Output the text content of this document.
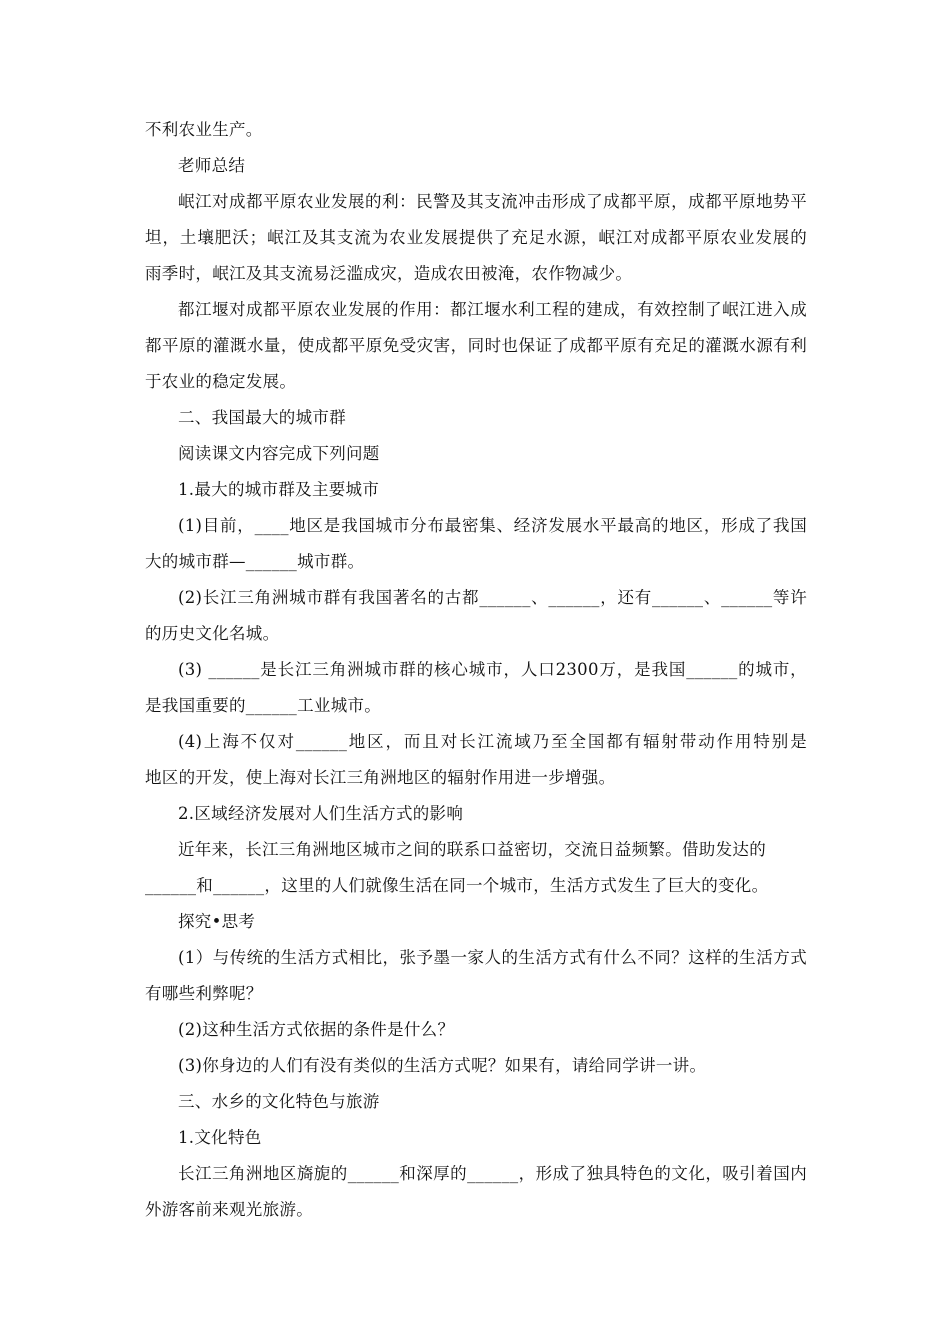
不利农业生产。
老师总结
岷江对成都平原农业发展的利：民警及其支流冲击形成了成都平原，成都平原地势平
坦，土壤肥沃；岷江及其支流为农业发展提供了充足水源，岷江对成都平原农业发展的
雨季时，岷江及其支流易泛滥成灾，造成农田被淹，农作物减少。
都江堰对成都平原农业发展的作用：都江堰水利工程的建成，有效控制了岷江进入成
都平原的灌溉水量，使成都平原免受灾害，同时也保证了成都平原有充足的灌溉水源有利
于农业的稳定发展。
二、我国最大的城市群
阅读课文内容完成下列问题
1.最大的城市群及主要城市
(1)目前，____地区是我国城市分布最密集、经济发展水平最高的地区，形成了我国
大的城市群—______城市群。
(2)长江三角洲城市群有我国著名的古都______、______，还有______、______等许
的历史文化名城。
(3) ______是长江三角洲城市群的核心城市，人口2300万，是我国______的城市，
是我国重要的______工业城市。
(4)上海不仅对______地区，而且对长江流域乃至全国都有辐射带动作用特别是
地区的开发，使上海对长江三角洲地区的辐射作用进一步增强。
2.区域经济发展对人们生活方式的影响
近年来，长江三角洲地区城市之间的联系口益密切，交流日益频繁。借助发达的
______和______，这里的人们就像生活在同一个城市，生活方式发生了巨大的变化。
探究•思考
(1）与传统的生活方式相比，张予墨一家人的生活方式有什么不同？这样的生活方式
有哪些利弊呢？
(2)这种生活方式依据的条件是什么？
(3)你身边的人们有没有类似的生活方式呢？如果有，请给同学讲一讲。
三、水乡的文化特色与旅游
1.文化特色
长江三角洲地区旖旎的______和深厚的______，形成了独具特色的文化，吸引着国内
外游客前来观光旅游。
